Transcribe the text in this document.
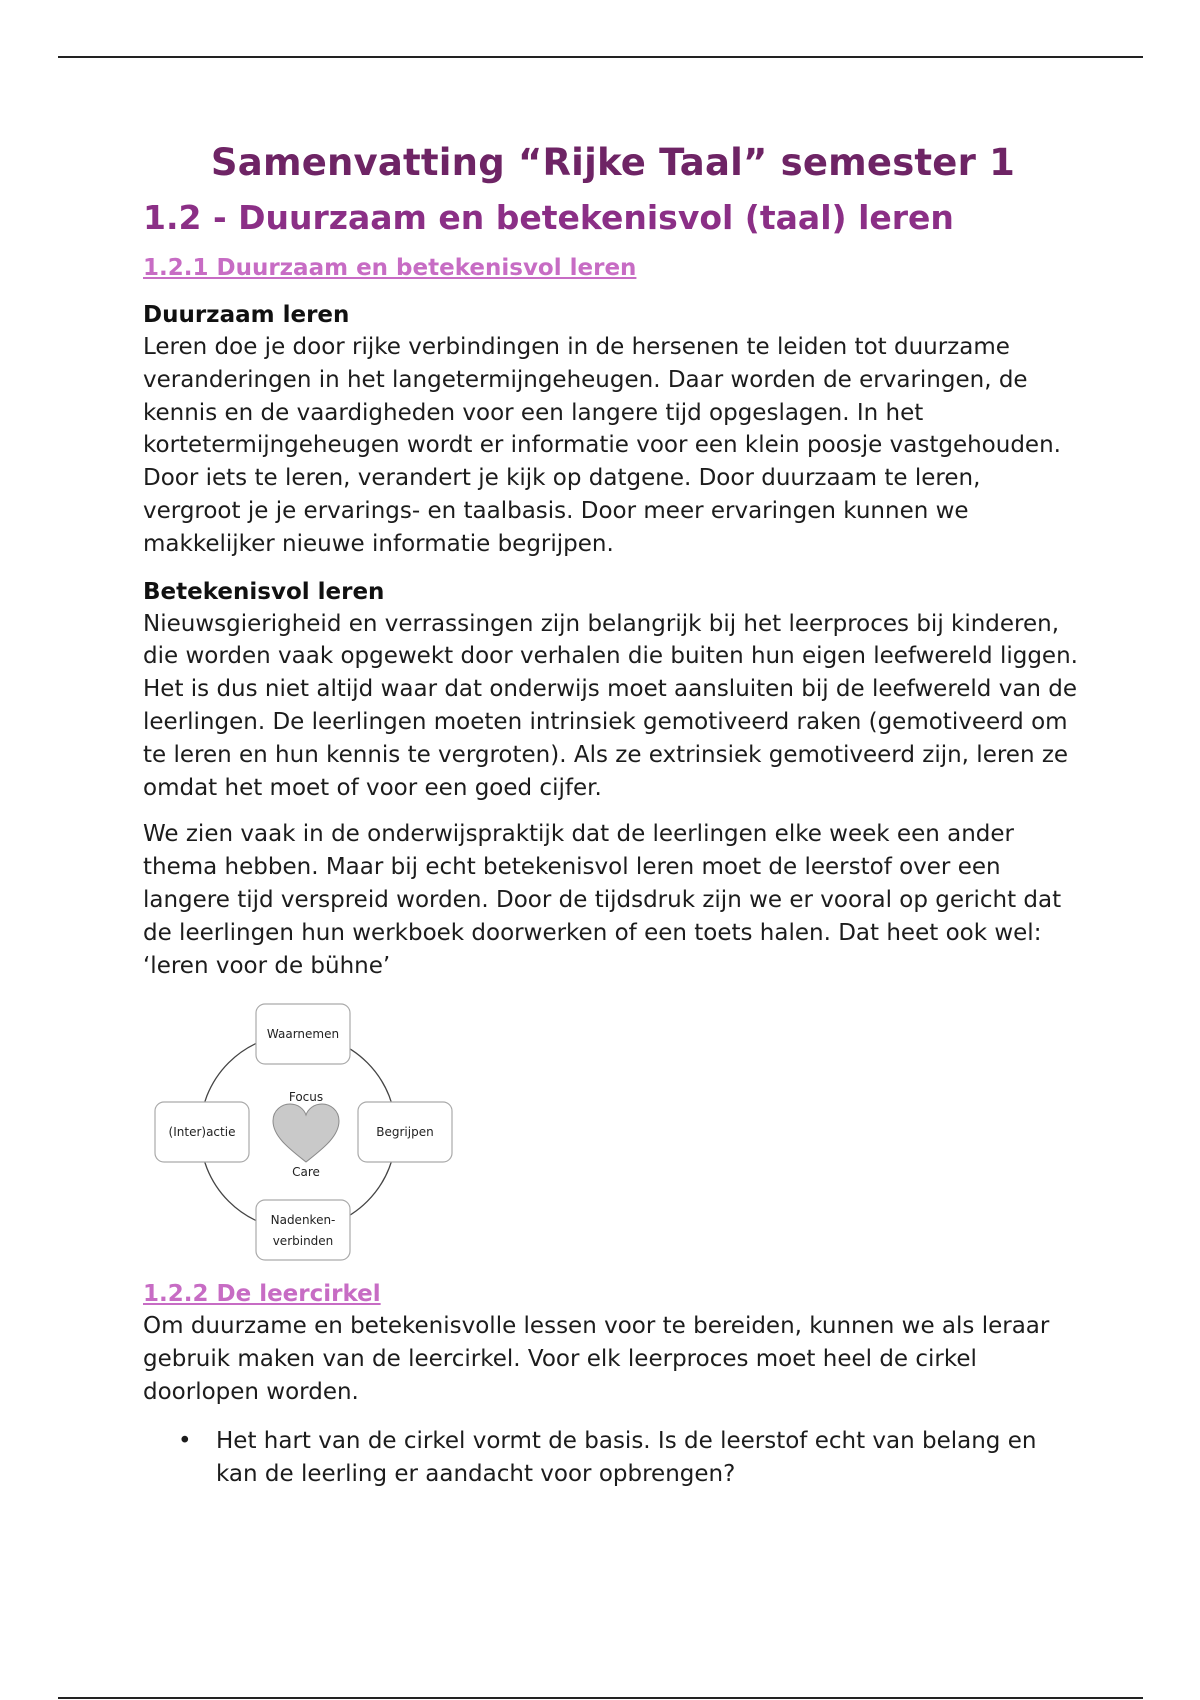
Samenvatting “Rijke Taal” semester 1
1.2 - Duurzaam en betekenisvol (taal) leren
1.2.1 Duurzaam en betekenisvol leren
Duurzaam leren

Leren doe je door rijke verbindingen in de hersenen te leiden tot duurzame veranderingen in het langetermijngeheugen. Daar worden de ervaringen, de kennis en de vaardigheden voor een langere tijd opgeslagen. In het kortetermijngeheugen wordt er informatie voor een klein poosje vastgehouden. Door iets te leren, verandert je kijk op datgene. Door duurzaam te leren, vergroot je je ervarings- en taalbasis. Door meer ervaringen kunnen we makkelijker nieuwe informatie begrijpen.

Betekenisvol leren

Nieuwsgierigheid en verrassingen zijn belangrijk bij het leerproces bij kinderen, die worden vaak opgewekt door verhalen die buiten hun eigen leefwereld liggen. Het is dus niet altijd waar dat onderwijs moet aansluiten bij de leefwereld van de leerlingen. De leerlingen moeten intrinsiek gemotiveerd raken (gemotiveerd om te leren en hun kennis te vergroten). Als ze extrinsiek gemotiveerd zijn, leren ze omdat het moet of voor een goed cijfer.

We zien vaak in de onderwijspraktijk dat de leerlingen elke week een ander thema hebben. Maar bij echt betekenisvol leren moet de leerstof over een langere tijd verspreid worden. Door de tijdsdruk zijn we er vooral op gericht dat de leerlingen hun werkboek doorwerken of een toets halen. Dat heet ook wel: ‘leren voor de bühne’

Waarnemen
Begrijpen
Nadenken-
verbinden
(Inter)actie
Focus
Care
1.2.2 De leercirkel

Om duurzame en betekenisvolle lessen voor te bereiden, kunnen we als leraar gebruik maken van de leercirkel. Voor elk leerproces moet heel de cirkel doorlopen worden.

• Het hart van de cirkel vormt de basis. Is de leerstof echt van belang en kan de leerling er aandacht voor opbrengen?
